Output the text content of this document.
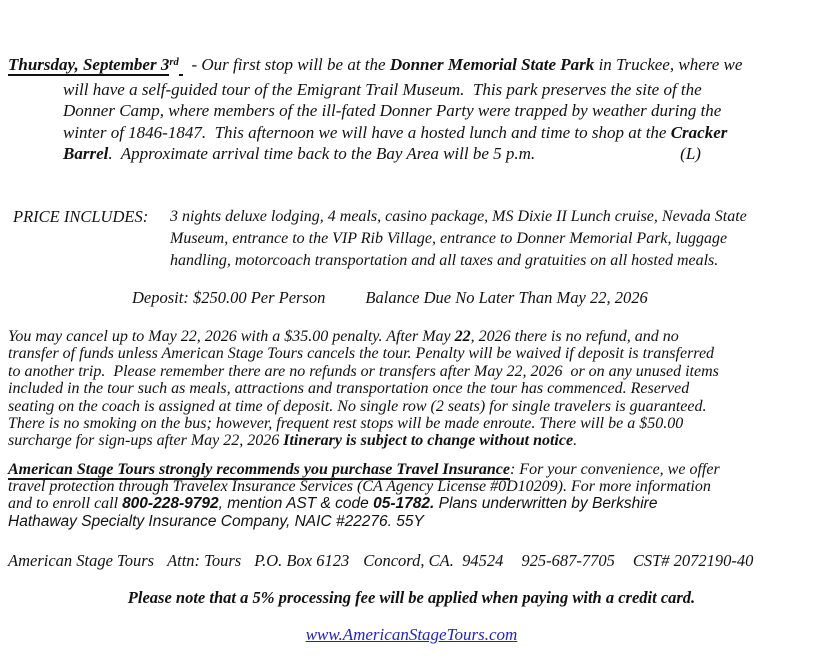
Thursday, September 3rd   - Our first stop will be at the Donner Memorial State Park in Truckee, where we
will have a self-guided tour of the Emigrant Trail Museum.  This park preserves the site of the
Donner Camp, where members of the ill-fated Donner Party were trapped by weather during the
winter of 1846-1847.  This afternoon we will have a hosted lunch and time to shop at the Cracker
Barrel.  Approximate arrival time back to the Bay Area will be 5 p.m.	(L)
PRICE INCLUDES: 3 nights deluxe lodging, 4 meals, casino package, MS Dixie II Lunch cruise, Nevada State
Museum, entrance to the VIP Rib Village, entrance to Donner Memorial Park, luggage
handling, motorcoach transportation and all taxes and gratuities on all hosted meals.
Deposit: $250.00 Per Person Balance Due No Later Than May 22, 2026
You may cancel up to May 22, 2026 with a $35.00 penalty. After May 22, 2026 there is no refund, and no
transfer of funds unless American Stage Tours cancels the tour. Penalty will be waived if deposit is transferred
to another trip.  Please remember there are no refunds or transfers after May 22, 2026  or on any unused items
included in the tour such as meals, attractions and transportation once the tour has commenced. Reserved
seating on the coach is assigned at time of deposit. No single row (2 seats) for single travelers is guaranteed.
There is no smoking on the bus; however, frequent rest stops will be made enroute. There will be a $50.00
surcharge for sign-ups after May 22, 2026 Itinerary is subject to change without notice.
American Stage Tours strongly recommends you purchase Travel Insurance: For your convenience, we offer
travel protection through Travelex Insurance Services (CA Agency License #0D10209). For more information
and to enroll call 800-228-9792, mention AST & code 05-1782. Plans underwritten by Berkshire
Hathaway Specialty Insurance Company, NAIC #22276. 55Y
American Stage Tours Attn: Tours P.O. Box 6123 Concord, CA.  94524 925-687-7705 CST# 2072190-40
Please note that a 5% processing fee will be applied when paying with a credit card.
www.AmericanStageTours.com
